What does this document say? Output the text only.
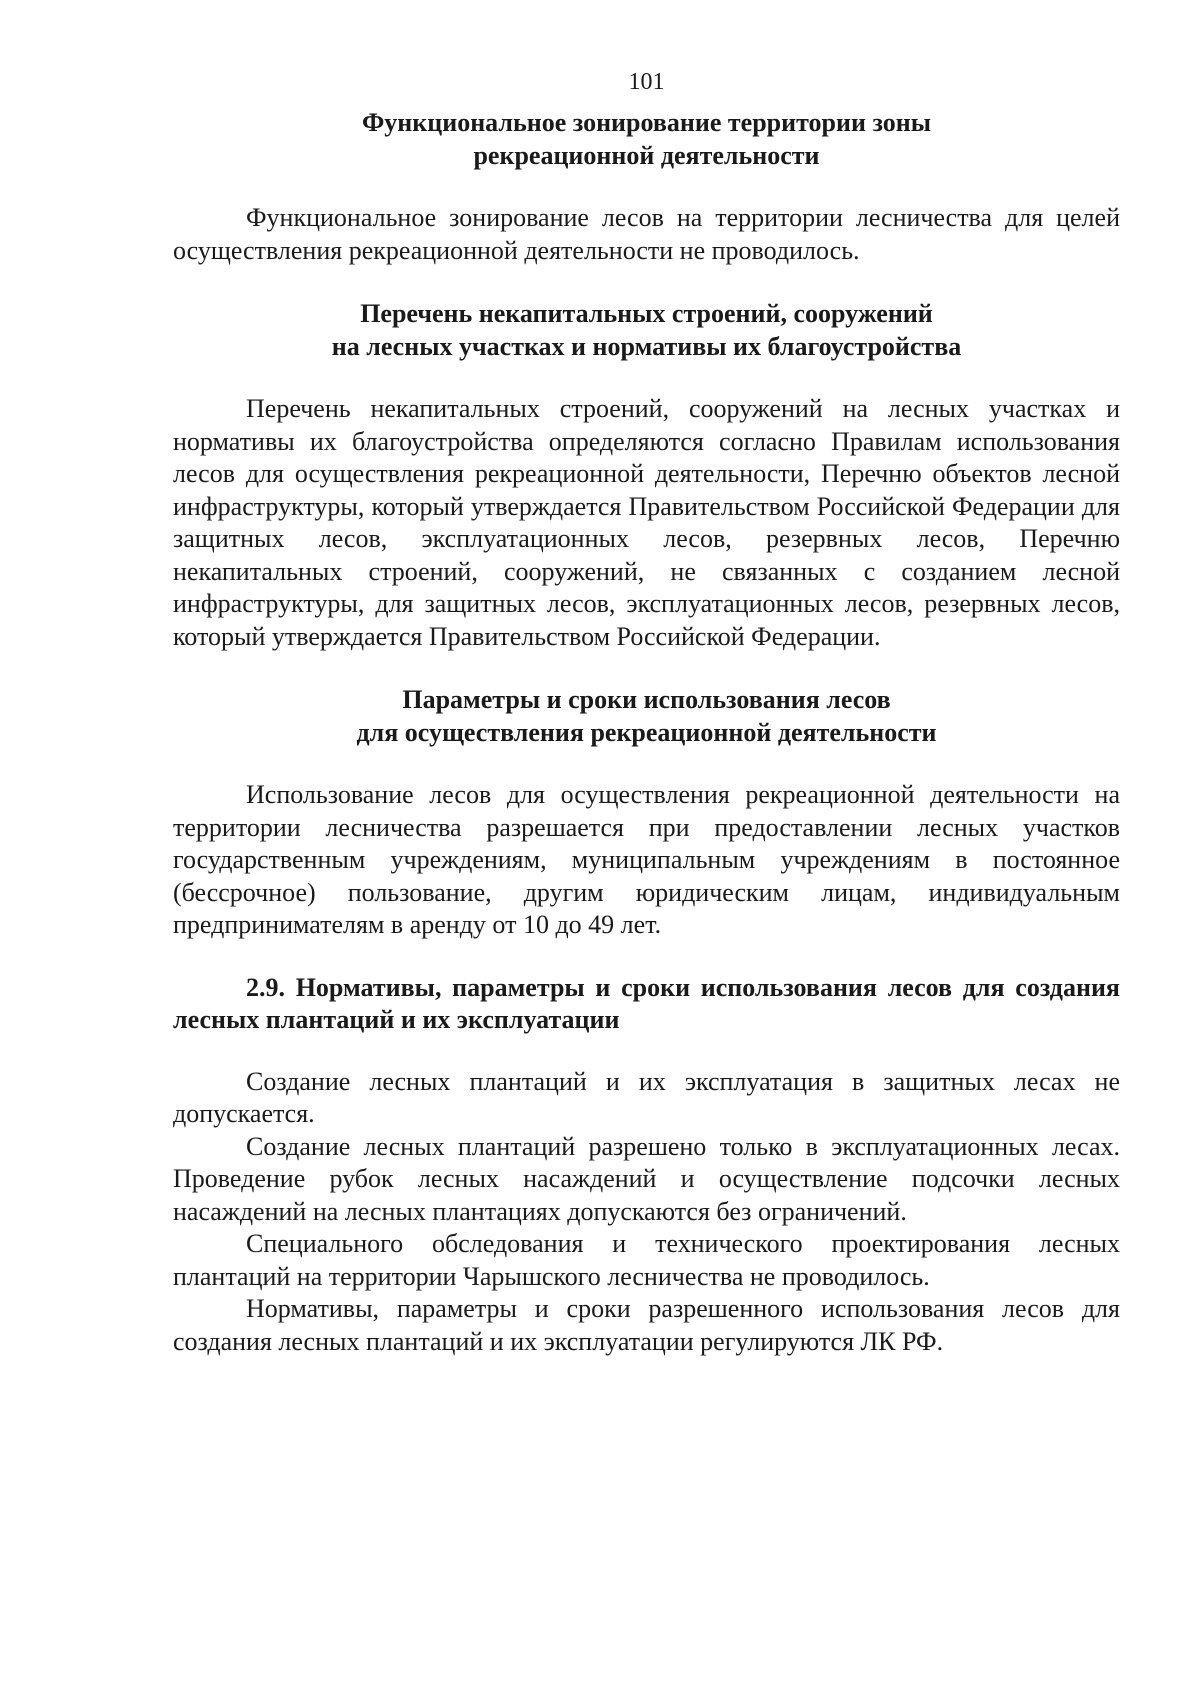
101
Функциональное зонирование территории зоны
рекреационной деятельности

Функциональное зонирование лесов на территории лесничества для целей осуществления рекреационной деятельности не проводилось.

Перечень некапитальных строений, сооружений
на лесных участках и нормативы их благоустройства

Перечень некапитальных строений, сооружений на лесных участках и нормативы их благоустройства определяются согласно Правилам использования лесов для осуществления рекреационной деятельности, Перечню объектов лесной инфраструктуры, который утверждается Правительством Российской Федерации для защитных лесов, эксплуатационных лесов, резервных лесов, Перечню некапитальных строений, сооружений, не связанных с созданием лесной инфраструктуры, для защитных лесов, эксплуатационных лесов, резервных лесов, который утверждается Правительством Российской Федерации.

Параметры и сроки использования лесов
для осуществления рекреационной деятельности

Использование лесов для осуществления рекреационной деятельности на территории лесничества разрешается при предоставлении лесных участков государственным учреждениям, муниципальным учреждениям в постоянное (бессрочное) пользование, другим юридическим лицам, индивидуальным предпринимателям в аренду от 10 до 49 лет.

2.9. Нормативы, параметры и сроки использования лесов для создания лесных плантаций и их эксплуатации

Создание лесных плантаций и их эксплуатация в защитных лесах не допускается.

Создание лесных плантаций разрешено только в эксплуатационных лесах. Проведение рубок лесных насаждений и осуществление подсочки лесных насаждений на лесных плантациях допускаются без ограничений.

Специального обследования и технического проектирования лесных плантаций на территории Чарышского лесничества не проводилось.

Нормативы, параметры и сроки разрешенного использования лесов для создания лесных плантаций и их эксплуатации регулируются ЛК РФ.
